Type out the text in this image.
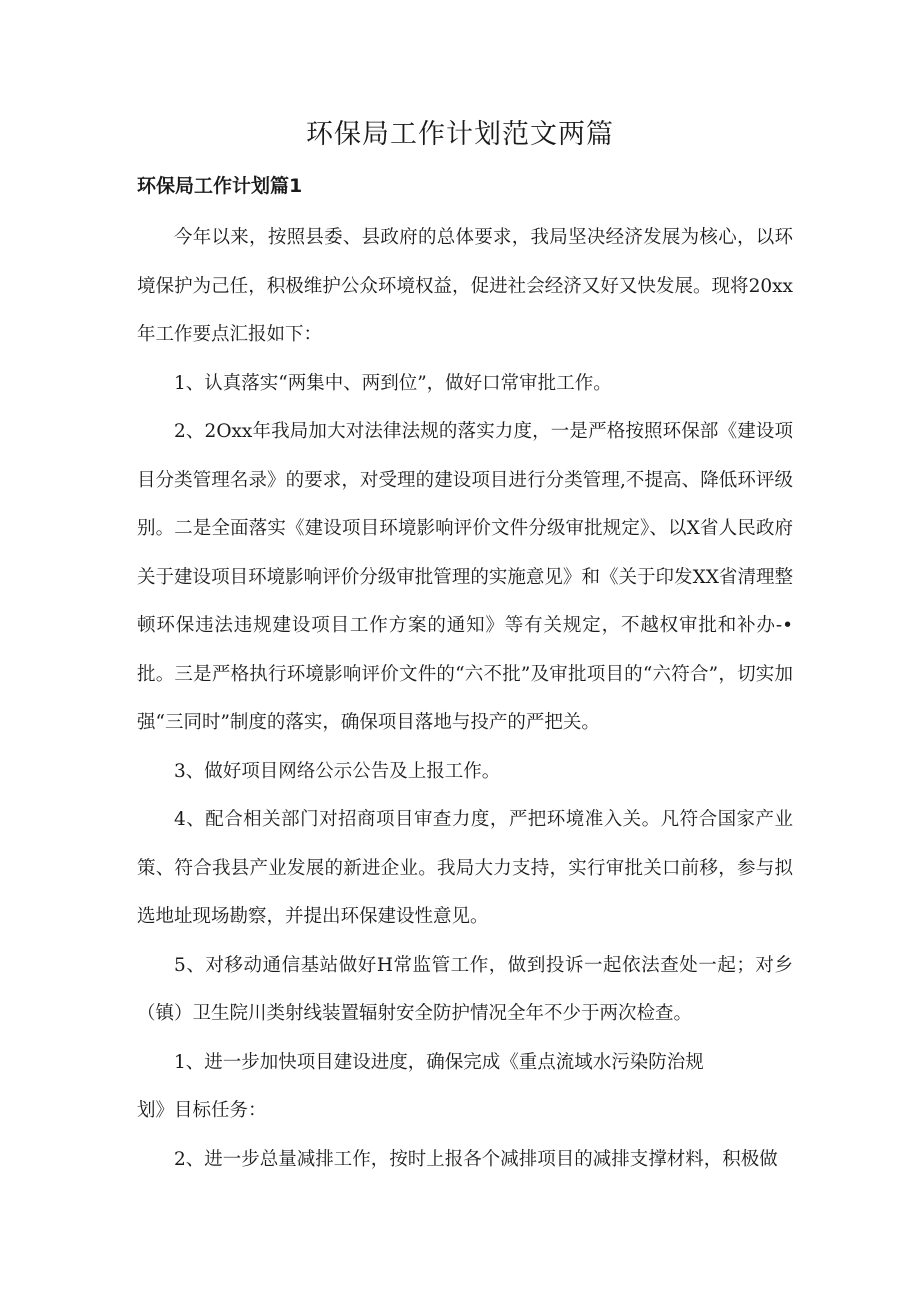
环保局工作计划范文两篇
环保局工作计划篇1

今年以来，按照县委、县政府的总体要求，我局坚决经济发展为核心，以环境保护为己任，积极维护公众环境权益，促进社会经济又好又快发展。现将20xx年工作要点汇报如下：

1、认真落实“两集中、两到位”，做好口常审批工作。

2、2Oxx年我局加大对法律法规的落实力度，一是严格按照环保部《建设项目分类管理名录》的要求，对受理的建设项目进行分类管理,不提高、降低环评级别。二是全面落实《建设项目环境影响评价文件分级审批规定》、以X省人民政府关于建设项目环境影响评价分级审批管理的实施意见》和《关于印发XX省清理整顿环保违法违规建设项目工作方案的通知》等有关规定，不越权审批和补办-•批。三是严格执行环境影响评价文件的“六不批”及审批项目的“六符合”，切实加强“三同时”制度的落实，确保项目落地与投产的严把关。

3、做好项目网络公示公告及上报工作。

4、配合相关部门对招商项目审查力度，严把环境准入关。凡符合国家产业策、符合我县产业发展的新进企业。我局大力支持，实行审批关口前移，参与拟选地址现场勘察，并提出环保建设性意见。

5、对移动通信基站做好H常监管工作，做到投诉一起依法查处一起；对乡（镇）卫生院川类射线装置辐射安全防护情况全年不少于两次检查。

1、进一步加快项目建设进度，确保完成《重点流域水污染防治规

划》目标任务：

2、进一步总量减排工作，按时上报各个减排项目的减排支撑材料，积极做
